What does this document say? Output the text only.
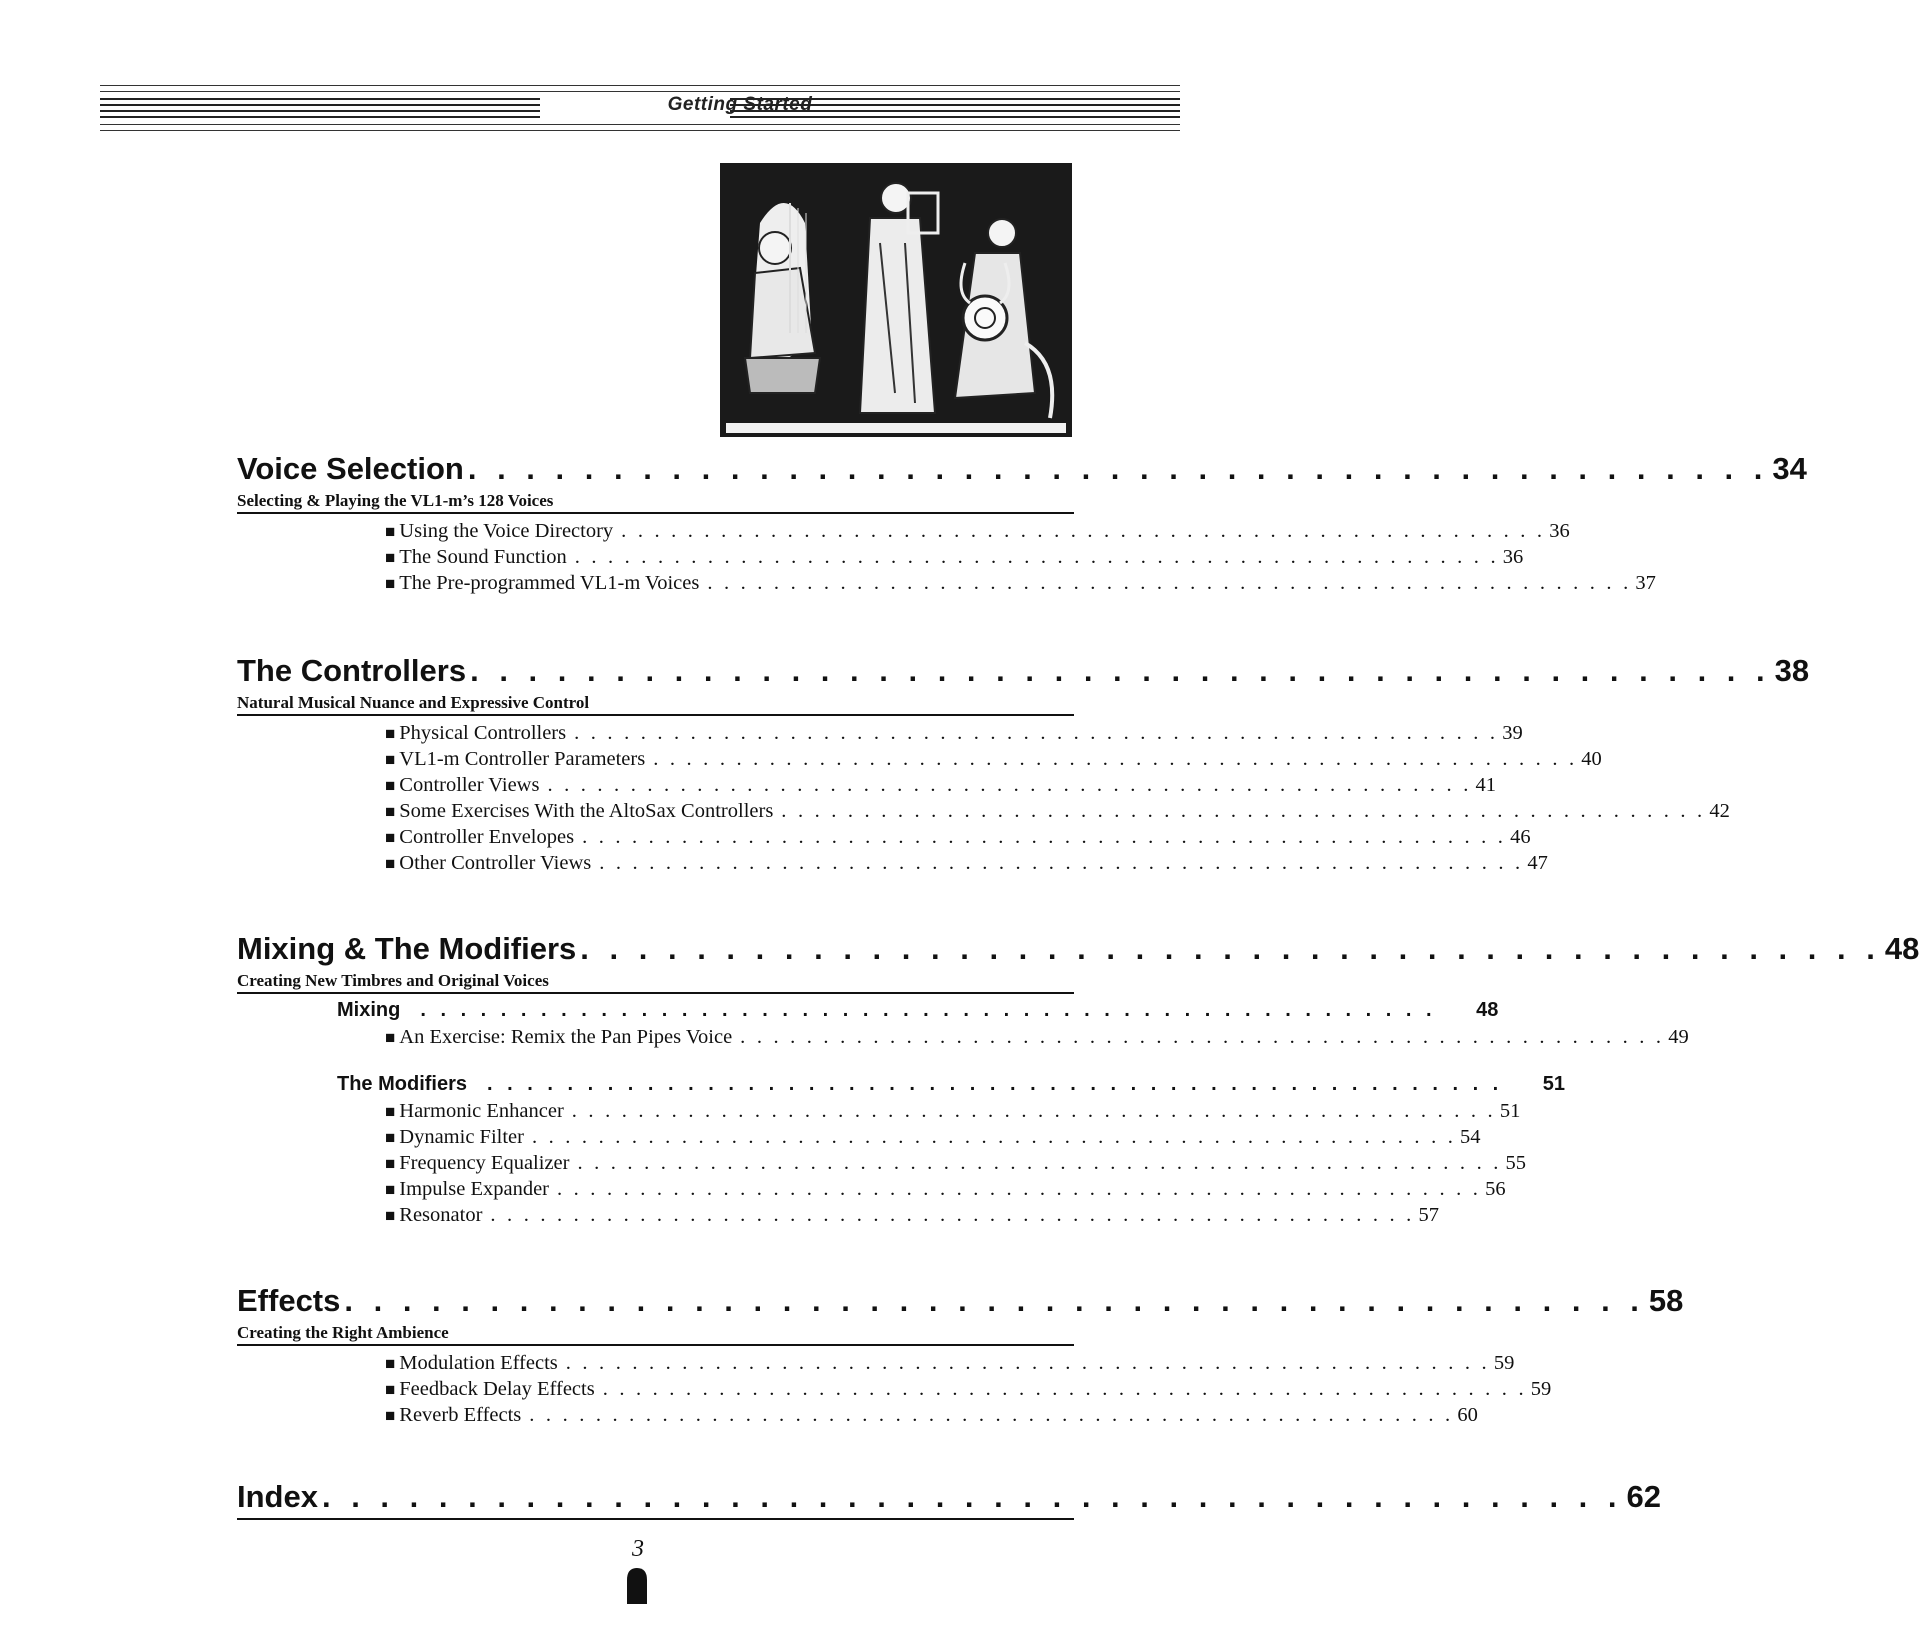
Getting Started
Voice Selection . . . . . . . . . . . . . . . . . . . . . . . . . . . . . . . . . . . . . . . . . . . . . 34
Selecting & Playing the VL1-m’s 128 Voices
■ Using the Voice Directory . . . . . . . . . . . . . . . . . . . . . . . . . . . . . . . . . . . . . . . . . . . . . . . . . . . . . . . . 36
■ The Sound Function . . . . . . . . . . . . . . . . . . . . . . . . . . . . . . . . . . . . . . . . . . . . . . . . . . . . . . . . 36
■ The Pre-programmed VL1-m Voices . . . . . . . . . . . . . . . . . . . . . . . . . . . . . . . . . . . . . . . . . . . . . . . . . . . . . . . . 37
The Controllers . . . . . . . . . . . . . . . . . . . . . . . . . . . . . . . . . . . . . . . . . . . . . 38
Natural Musical Nuance and Expressive Control
■ Physical Controllers . . . . . . . . . . . . . . . . . . . . . . . . . . . . . . . . . . . . . . . . . . . . . . . . . . . . . . . . 39
■ VL1-m Controller Parameters . . . . . . . . . . . . . . . . . . . . . . . . . . . . . . . . . . . . . . . . . . . . . . . . . . . . . . . . 40
■ Controller Views . . . . . . . . . . . . . . . . . . . . . . . . . . . . . . . . . . . . . . . . . . . . . . . . . . . . . . . . 41
■ Some Exercises With the AltoSax Controllers . . . . . . . . . . . . . . . . . . . . . . . . . . . . . . . . . . . . . . . . . . . . . . . . . . . . . . . . 42
■ Controller Envelopes . . . . . . . . . . . . . . . . . . . . . . . . . . . . . . . . . . . . . . . . . . . . . . . . . . . . . . . . 46
■ Other Controller Views . . . . . . . . . . . . . . . . . . . . . . . . . . . . . . . . . . . . . . . . . . . . . . . . . . . . . . . . 47
Mixing & The Modifiers . . . . . . . . . . . . . . . . . . . . . . . . . . . . . . . . . . . . . . . . . . . . . 48
Creating New Timbres and Original Voices
Mixing . . . . . . . . . . . . . . . . . . . . . . . . . . . . . . . . . . . . . . . . . . . . . . . . . . . 48
■ An Exercise: Remix the Pan Pipes Voice . . . . . . . . . . . . . . . . . . . . . . . . . . . . . . . . . . . . . . . . . . . . . . . . . . . . . . . . 49
The Modifiers . . . . . . . . . . . . . . . . . . . . . . . . . . . . . . . . . . . . . . . . . . . . . . . . . . . 51
■ Harmonic Enhancer . . . . . . . . . . . . . . . . . . . . . . . . . . . . . . . . . . . . . . . . . . . . . . . . . . . . . . . . 51
■ Dynamic Filter . . . . . . . . . . . . . . . . . . . . . . . . . . . . . . . . . . . . . . . . . . . . . . . . . . . . . . . . 54
■ Frequency Equalizer . . . . . . . . . . . . . . . . . . . . . . . . . . . . . . . . . . . . . . . . . . . . . . . . . . . . . . . . 55
■ Impulse Expander . . . . . . . . . . . . . . . . . . . . . . . . . . . . . . . . . . . . . . . . . . . . . . . . . . . . . . . . 56
■ Resonator . . . . . . . . . . . . . . . . . . . . . . . . . . . . . . . . . . . . . . . . . . . . . . . . . . . . . . . . 57
Effects . . . . . . . . . . . . . . . . . . . . . . . . . . . . . . . . . . . . . . . . . . . . . 58
Creating the Right Ambience
■ Modulation Effects . . . . . . . . . . . . . . . . . . . . . . . . . . . . . . . . . . . . . . . . . . . . . . . . . . . . . . . . 59
■ Feedback Delay Effects . . . . . . . . . . . . . . . . . . . . . . . . . . . . . . . . . . . . . . . . . . . . . . . . . . . . . . . . 59
■ Reverb Effects . . . . . . . . . . . . . . . . . . . . . . . . . . . . . . . . . . . . . . . . . . . . . . . . . . . . . . . . 60
Index . . . . . . . . . . . . . . . . . . . . . . . . . . . . . . . . . . . . . . . . . . . . . 62
3
